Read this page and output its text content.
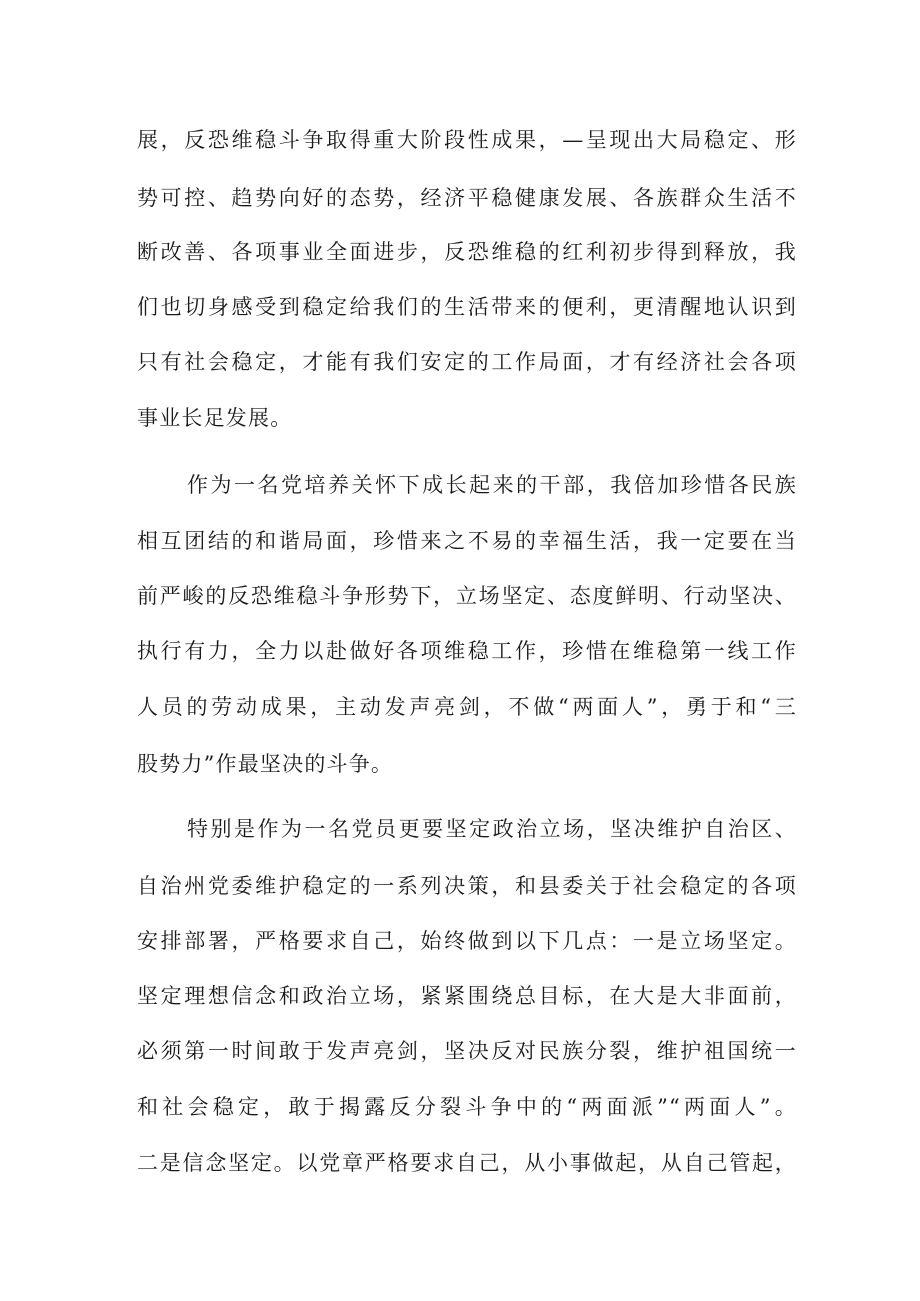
展，反恐维稳斗争取得重大阶段性成果，—呈现出大局稳定、形
势可控、趋势向好的态势，经济平稳健康发展、各族群众生活不
断改善、各项事业全面进步，反恐维稳的红利初步得到释放，我
们也切身感受到稳定给我们的生活带来的便利，更清醒地认识到
只有社会稳定，才能有我们安定的工作局面，才有经济社会各项
事业长足发展。
作为一名党培养关怀下成长起来的干部，我倍加珍惜各民族
相互团结的和谐局面，珍惜来之不易的幸福生活，我一定要在当
前严峻的反恐维稳斗争形势下，立场坚定、态度鲜明、行动坚决、
执行有力，全力以赴做好各项维稳工作，珍惜在维稳第一线工作
人员的劳动成果，主动发声亮剑，不做“两面人”，勇于和“三
股势力”作最坚决的斗争。
特别是作为一名党员更要坚定政治立场，坚决维护自治区、
自治州党委维护稳定的一系列决策，和县委关于社会稳定的各项
安排部署，严格要求自己，始终做到以下几点：一是立场坚定。
坚定理想信念和政治立场，紧紧围绕总目标，在大是大非面前，
必须第一时间敢于发声亮剑，坚决反对民族分裂，维护祖国统一
和社会稳定，敢于揭露反分裂斗争中的“两面派”“两面人”。
二是信念坚定。以党章严格要求自己，从小事做起，从自己管起，
